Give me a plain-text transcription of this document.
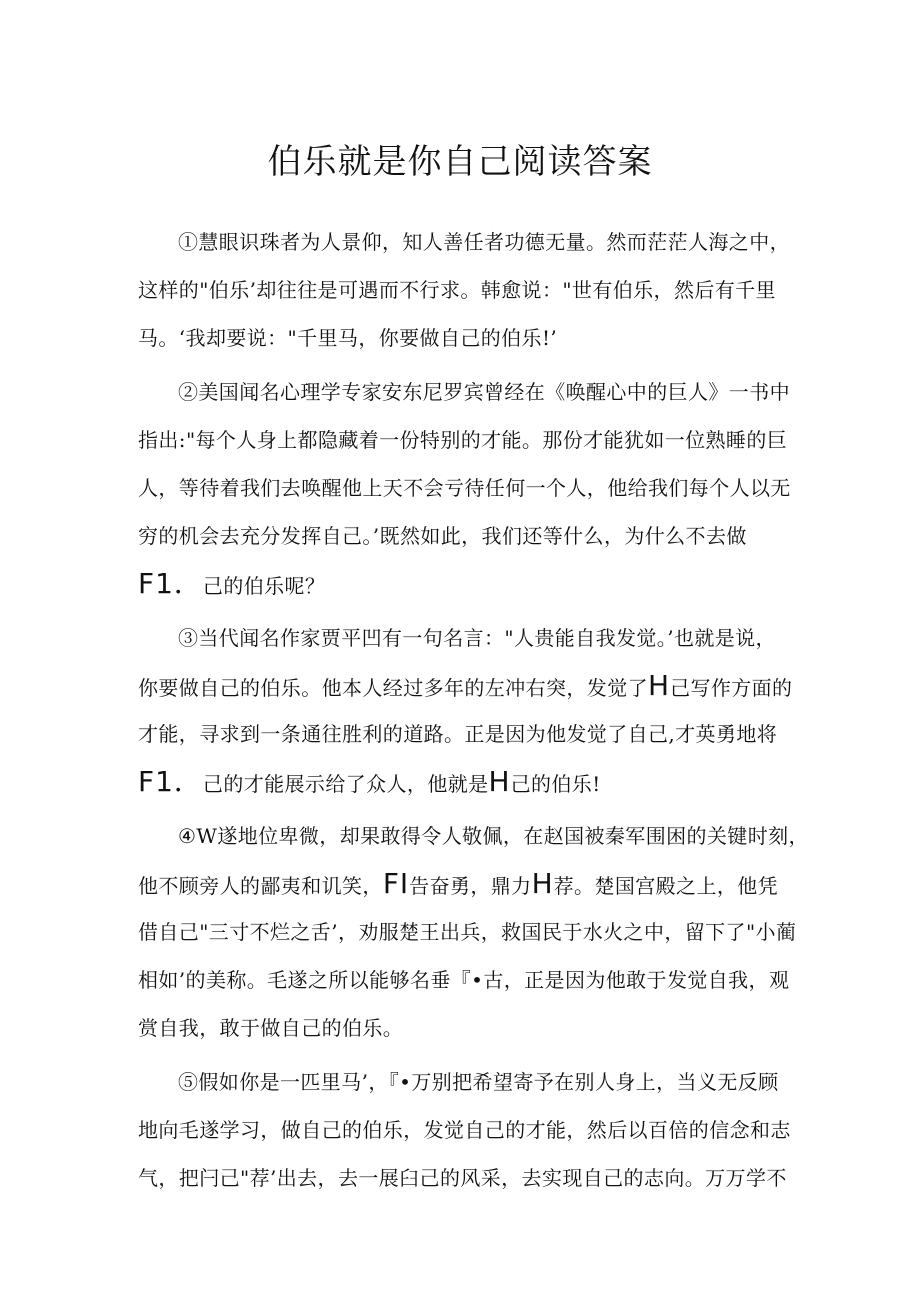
伯乐就是你自己阅读答案
①慧眼识珠者为人景仰，知人善任者功德无量。然而茫茫人海之中，
这样的"伯乐’却往往是可遇而不行求。韩愈说："世有伯乐，然后有千里
马。‘我却要说："千里马，你要做自己的伯乐!’
②美国闻名心理学专家安东尼罗宾曾经在《唤醒心中的巨人》一书中
指出:"每个人身上都隐藏着一份特别的才能。那份才能犹如一位熟睡的巨
人，等待着我们去唤醒他上天不会亏待任何一个人，他给我们每个人以无
穷的机会去充分发挥自己。’既然如此，我们还等什么，为什么不去做
F1．己的伯乐呢？
③当代闻名作家贾平凹有一句名言："人贵能自我发觉。’也就是说，
你要做自己的伯乐。他本人经过多年的左冲右突，发觉了H己写作方面的
才能，寻求到一条通往胜利的道路。正是因为他发觉了自己,才英勇地将
F1．己的才能展示给了众人，他就是H己的伯乐!
④W遂地位卑微，却果敢得令人敬佩，在赵国被秦军围困的关键时刻，
他不顾旁人的鄙夷和讥笑，FI告奋勇，鼎力H荐。楚国宫殿之上，他凭
借自己"三寸不烂之舌’，劝服楚王出兵，救国民于水火之中，留下了"小蔺
相如’的美称。毛遂之所以能够名垂『•古，正是因为他敢于发觉自我，观
赏自我，敢于做自己的伯乐。
⑤假如你是一匹里马’，『•万别把希望寄予在别人身上，当义无反顾
地向毛遂学习，做自己的伯乐，发觉自己的才能，然后以百倍的信念和志
气，把闩己"荐’出去，去一展臼己的风采，去实现自己的志向。万万学不
